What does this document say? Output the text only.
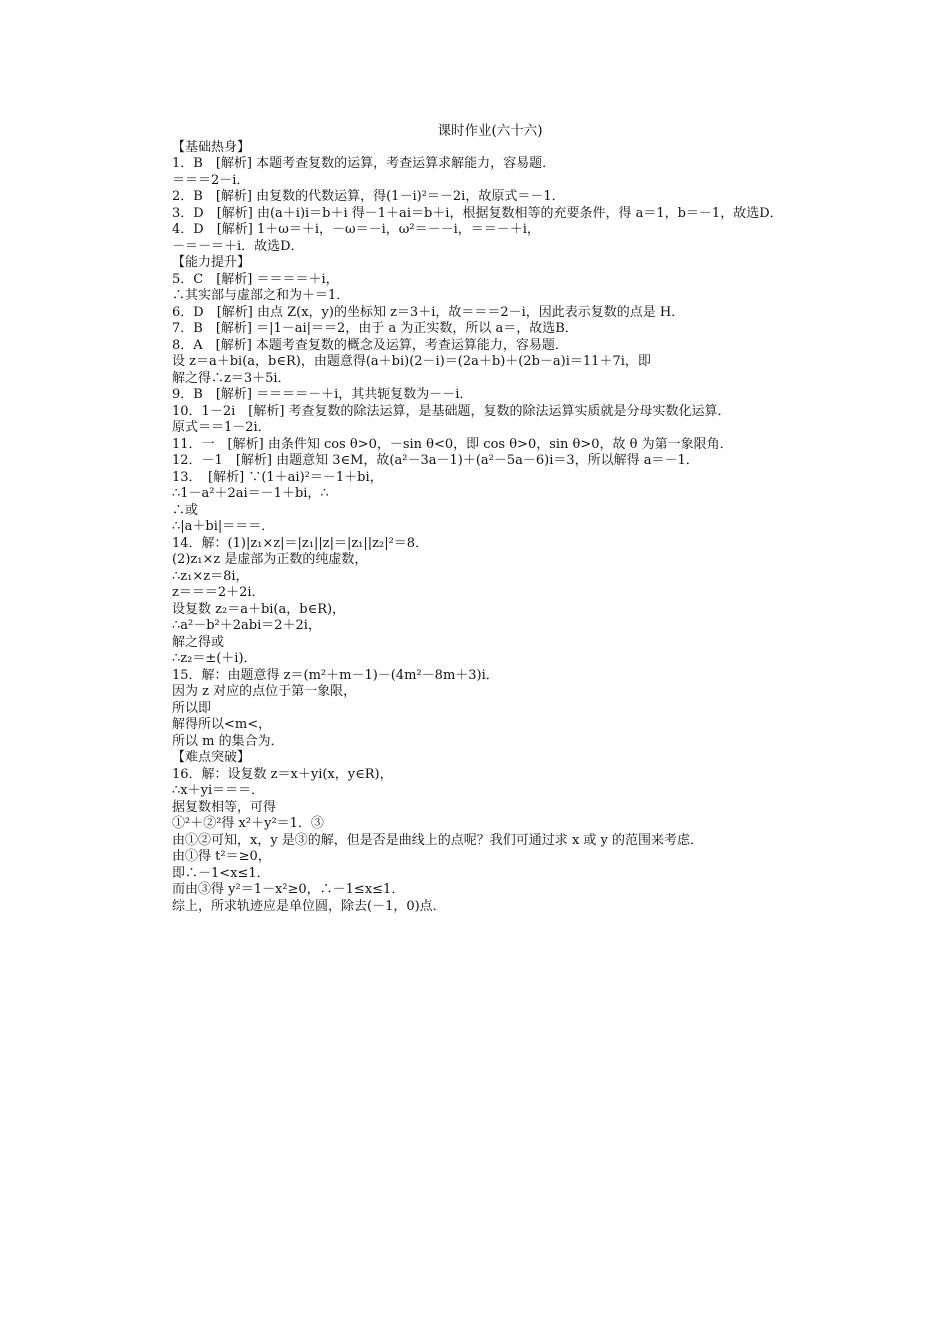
课时作业(六十六)

【基础热身】

1．B　[解析] 本题考查复数的运算，考查运算求解能力，容易题．

＝＝＝2－i．

2．B　[解析] 由复数的代数运算，得(1－i)²＝－2i，故原式＝－1．

3．D　[解析] 由(a＋i)i＝b＋i 得－1＋ai＝b＋i，根据复数相等的充要条件，得 a＝1，b＝－1，故选D．

4．D　[解析] 1＋ω＝＋i，－ω＝－i，ω²＝－－i，＝＝－＋i，

－＝－＝＋i．故选D．

【能力提升】

5．C　[解析] ＝＝＝＝＋i，

∴其实部与虚部之和为＋＝1．

6．D　[解析] 由点 Z(x，y)的坐标知 z＝3＋i，故＝＝＝2－i，因此表示复数的点是 H．

7．B　[解析] ＝|1－ai|＝＝2，由于 a 为正实数，所以 a＝，故选B．

8．A　[解析] 本题考查复数的概念及运算，考查运算能力，容易题．

设 z＝a＋bi(a，b∈R)，由题意得(a＋bi)(2－i)＝(2a＋b)＋(2b－a)i＝11＋7i，即

解之得∴z＝3＋5i．

9．B　[解析] ＝＝＝＝－＋i，其共轭复数为－－i．

10．1－2i　[解析] 考查复数的除法运算，是基础题，复数的除法运算实质就是分母实数化运算．

原式＝＝1－2i．

11．一　[解析] 由条件知 cos θ>0，－sin θ<0，即 cos θ>0，sin θ>0，故 θ 为第一象限角．

12．－1　[解析] 由题意知 3∈M，故(a²－3a－1)＋(a²－5a－6)i＝3，所以解得 a＝－1．

13．　[解析] ∵(1＋ai)²＝－1＋bi，

∴1－a²＋2ai＝－1＋bi，∴

∴或

∴|a＋bi|＝＝＝．

14．解：(1)|z₁×z|＝|z₁||z|＝|z₁||z₂|²＝8．

(2)z₁×z 是虚部为正数的纯虚数，

∴z₁×z＝8i，

z＝＝＝2＋2i．

设复数 z₂＝a＋bi(a，b∈R)，

∴a²－b²＋2abi＝2＋2i，

解之得或

∴z₂＝±(＋i)．

15．解：由题意得 z＝(m²＋m－1)－(4m²－8m＋3)i．

因为 z 对应的点位于第一象限，

所以即

解得所以<m<，

所以 m 的集合为．

【难点突破】

16．解：设复数 z＝x＋yi(x，y∈R)，

∴x＋yi＝＝＝．

据复数相等，可得

①²＋②²得 x²＋y²＝1．③

由①②可知，x，y 是③的解，但是否是曲线上的点呢？我们可通过求 x 或 y 的范围来考虑．

由①得 t²＝≥0，

即∴－1<x≤1．

而由③得 y²＝1－x²≥0，∴－1≤x≤1．

综上，所求轨迹应是单位圆，除去(－1，0)点．
